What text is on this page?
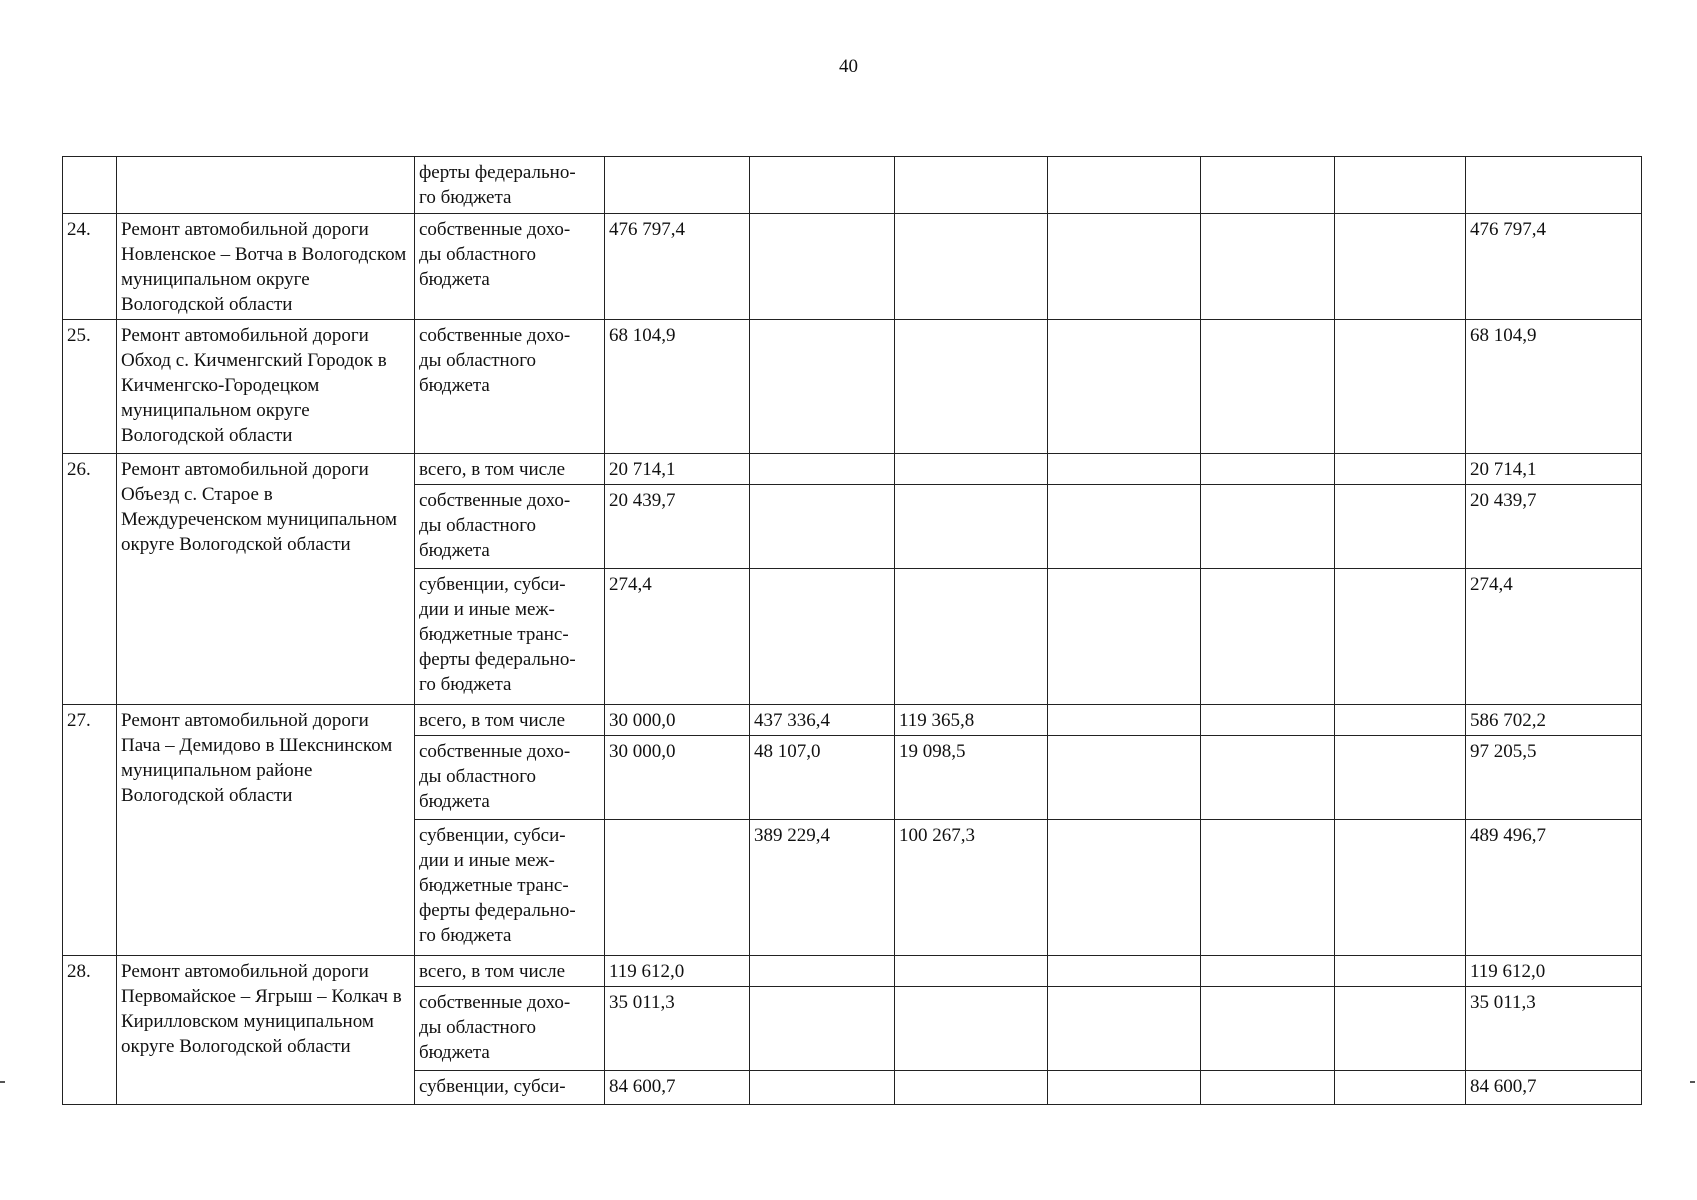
40
		ферты федерально-
го бюджета							
24.	Ремонт автомобильной дороги Новленское – Вотча в Вологодском муниципальном округе Вологодской области	собственные дохо-
ды областного
бюджета	476 797,4						476 797,4
25.	Ремонт автомобильной дороги Обход с. Кичменгский Городок в Кичменгско-Городецком муниципальном округе Вологодской области	собственные дохо-
ды областного
бюджета	68 104,9						68 104,9
26.	Ремонт автомобильной дороги Объезд с. Старое в Междуреченском муниципальном округе Вологодской области	всего, в том числе	20 714,1						20 714,1
		собственные дохо-
ды областного
бюджета	20 439,7						20 439,7
		субвенции, субси-
дии и иные меж-
бюджетные транс-
ферты федерально-
го бюджета	274,4						274,4
27.	Ремонт автомобильной дороги Пача – Демидово в Шекснинском муниципальном районе Вологодской области	всего, в том числе	30 000,0	437 336,4	119 365,8				586 702,2
		собственные дохо-
ды областного
бюджета	30 000,0	48 107,0	19 098,5				97 205,5
		субвенции, субси-
дии и иные меж-
бюджетные транс-
ферты федерально-
го бюджета		389 229,4	100 267,3				489 496,7
28.	Ремонт автомобильной дороги Первомайское – Ягрыш – Колкач в Кирилловском муниципальном округе Вологодской области	всего, в том числе	119 612,0						119 612,0
		собственные дохо-
ды областного
бюджета	35 011,3						35 011,3
		субвенции, субси-	84 600,7						84 600,7
